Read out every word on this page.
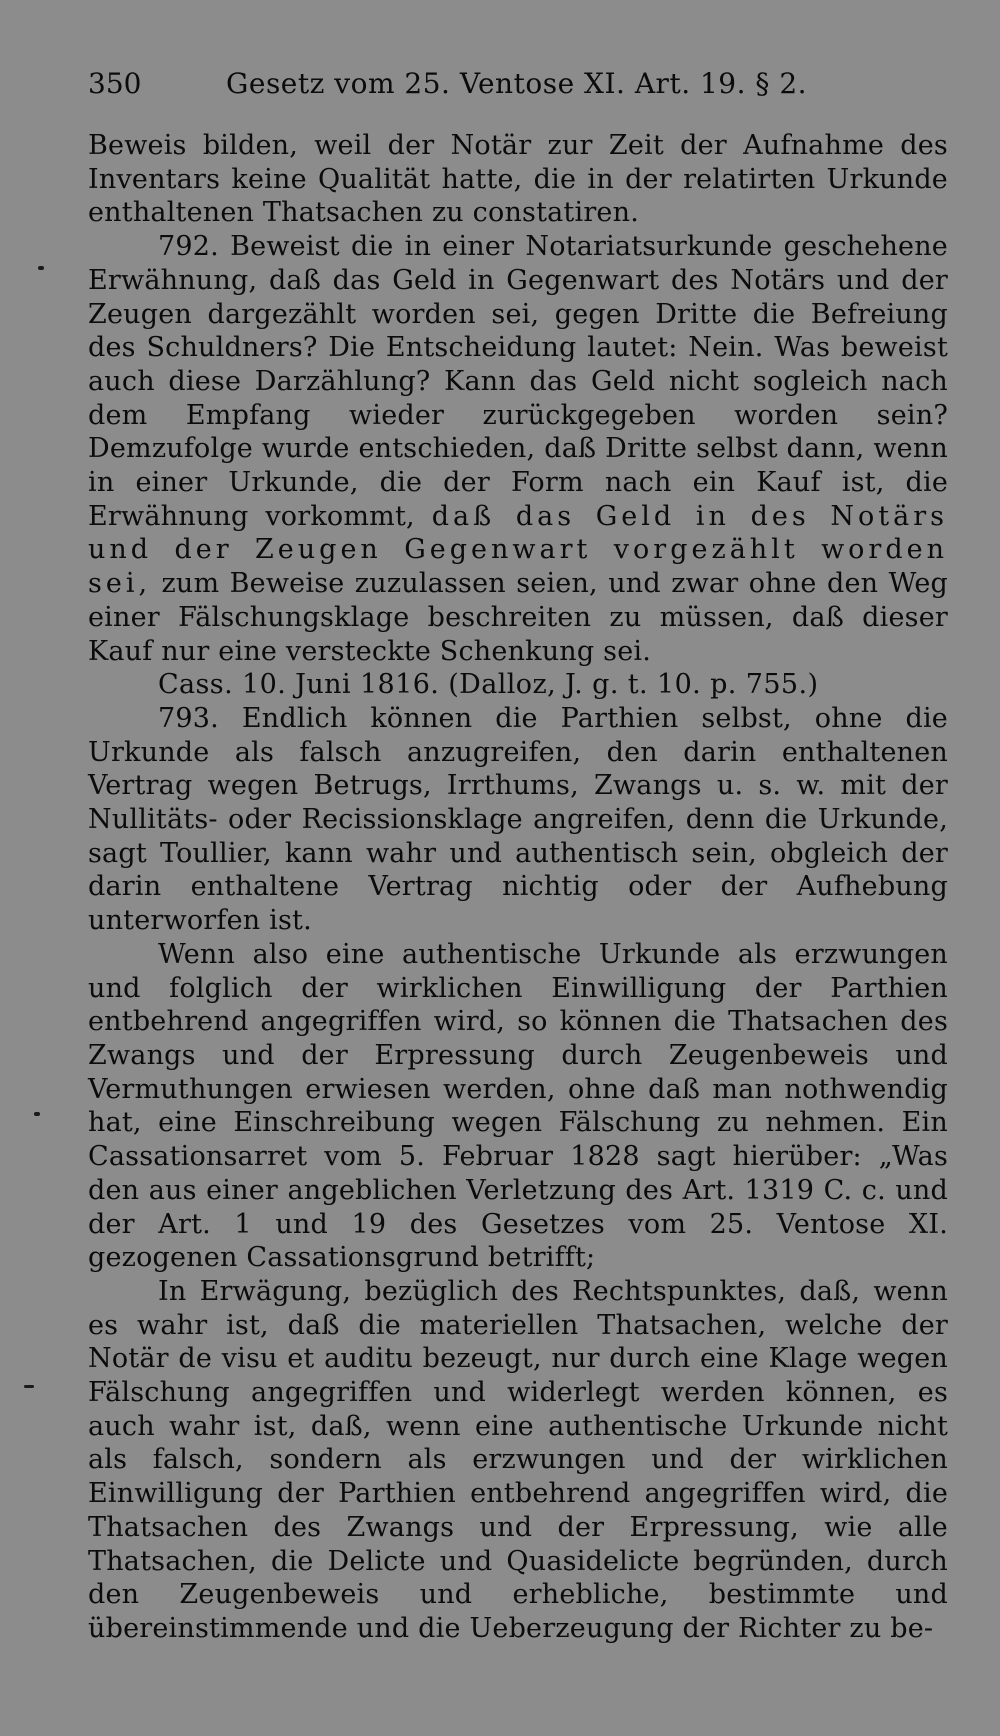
350	Gesetz vom 25. Ventose XI. Art. 19. § 2.

Beweis bilden, weil der Notär zur Zeit der Aufnahme des Inventars keine Qualität hatte, die in der relatirten Urkunde enthaltenen Thatsachen zu constatiren.

792. Beweist die in einer Notariatsurkunde geschehene Erwähnung, daß das Geld in Gegenwart des Notärs und der Zeugen dargezählt worden sei, gegen Dritte die Befreiung des Schuldners? Die Entscheidung lautet: Nein. Was beweist auch diese Darzählung? Kann das Geld nicht sogleich nach dem Empfang wieder zurückgegeben worden sein? Demzufolge wurde entschieden, daß Dritte selbst dann, wenn in einer Urkunde, die der Form nach ein Kauf ist, die Erwähnung vorkommt, daß das Geld in des Notärs und der Zeugen Gegenwart vorgezählt worden sei, zum Beweise zuzulassen seien, und zwar ohne den Weg einer Fälschungsklage beschreiten zu müssen, daß dieser Kauf nur eine versteckte Schenkung sei.
Cass. 10. Juni 1816. (Dalloz, J. g. t. 10. p. 755.)

793. Endlich können die Parthien selbst, ohne die Urkunde als falsch anzugreifen, den darin enthaltenen Vertrag wegen Betrugs, Irrthums, Zwangs u. s. w. mit der Nullitäts- oder Recissionsklage angreifen, denn die Urkunde, sagt Toullier, kann wahr und authentisch sein, obgleich der darin enthaltene Vertrag nichtig oder der Aufhebung unterworfen ist.

Wenn also eine authentische Urkunde als erzwungen und folglich der wirklichen Einwilligung der Parthien entbehrend angegriffen wird, so können die Thatsachen des Zwangs und der Erpressung durch Zeugenbeweis und Vermuthungen erwiesen werden, ohne daß man nothwendig hat, eine Einschreibung wegen Fälschung zu nehmen. Ein Cassationsarret vom 5. Februar 1828 sagt hierüber: „Was den aus einer angeblichen Verletzung des Art. 1319 C. c. und der Art. 1 und 19 des Gesetzes vom 25. Ventose XI. gezogenen Cassationsgrund betrifft;

In Erwägung, bezüglich des Rechtspunktes, daß, wenn es wahr ist, daß die materiellen Thatsachen, welche der Notär de visu et auditu bezeugt, nur durch eine Klage wegen Fälschung angegriffen und widerlegt werden können, es auch wahr ist, daß, wenn eine authentische Urkunde nicht als falsch, sondern als erzwungen und der wirklichen Einwilligung der Parthien entbehrend angegriffen wird, die Thatsachen des Zwangs und der Erpressung, wie alle Thatsachen, die Delicte und Quasidelicte begründen, durch den Zeugenbeweis und erhebliche, bestimmte und übereinstimmende und die Ueberzeugung der Richter zu be-
